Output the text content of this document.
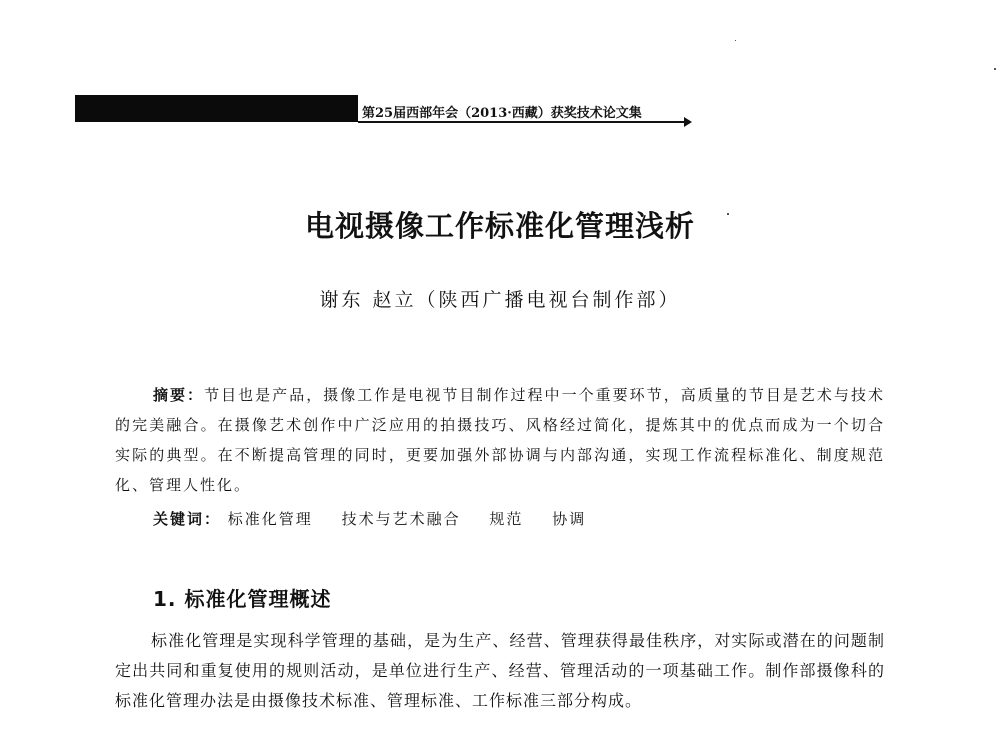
第25届西部年会（2013·西藏）获奖技术论文集
电视摄像工作标准化管理浅析
谢东 赵立（陕西广播电视台制作部）

摘要：节目也是产品，摄像工作是电视节目制作过程中一个重要环节，高质量的节目是艺术与技术的完美融合。在摄像艺术创作中广泛应用的拍摄技巧、风格经过简化，提炼其中的优点而成为一个切合实际的典型。在不断提高管理的同时，更要加强外部协调与内部沟通，实现工作流程标准化、制度规范化、管理人性化。

关键词： 标准化管理 技术与艺术融合 规范 协调
1. 标准化管理概述

标准化管理是实现科学管理的基础，是为生产、经营、管理获得最佳秩序，对实际或潜在的问题制定出共同和重复使用的规则活动，是单位进行生产、经营、管理活动的一项基础工作。制作部摄像科的标准化管理办法是由摄像技术标准、管理标准、工作标准三部分构成。
